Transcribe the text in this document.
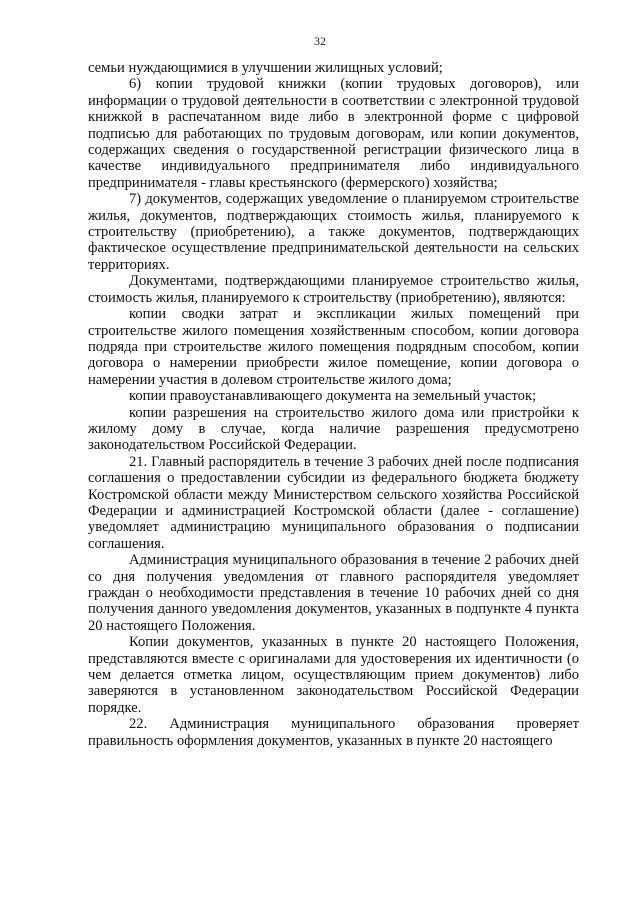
32

семьи нуждающимися в улучшении жилищных условий;

6) копии трудовой книжки (копии трудовых договоров), или информации о трудовой деятельности в соответствии с электронной трудовой книжкой в распечатанном виде либо в электронной форме с цифровой подписью для работающих по трудовым договорам, или копии документов, содержащих сведения о государственной регистрации физического лица в качестве индивидуального предпринимателя либо индивидуального предпринимателя - главы крестьянского (фермерского) хозяйства;

7) документов, содержащих уведомление о планируемом строительстве жилья, документов, подтверждающих стоимость жилья, планируемого к строительству (приобретению), а также документов, подтверждающих фактическое осуществление предпринимательской деятельности на сельских территориях.

Документами, подтверждающими планируемое строительство жилья, стоимость жилья, планируемого к строительству (приобретению), являются:

копии сводки затрат и экспликации жилых помещений при строительстве жилого помещения хозяйственным способом, копии договора подряда при строительстве жилого помещения подрядным способом, копии договора о намерении приобрести жилое помещение, копии договора о намерении участия в долевом строительстве жилого дома;

копии правоустанавливающего документа на земельный участок;

копии разрешения на строительство жилого дома или пристройки к жилому дому в случае, когда наличие разрешения предусмотрено законодательством Российской Федерации.

21. Главный распорядитель в течение 3 рабочих дней после подписания соглашения о предоставлении субсидии из федерального бюджета бюджету Костромской области между Министерством сельского хозяйства Российской Федерации и администрацией Костромской области (далее - соглашение) уведомляет администрацию муниципального образования о подписании соглашения.

Администрация муниципального образования в течение 2 рабочих дней со дня получения уведомления от главного распорядителя уведомляет граждан о необходимости представления в течение 10 рабочих дней со дня получения данного уведомления документов, указанных в подпункте 4 пункта 20 настоящего Положения.

Копии документов, указанных в пункте 20 настоящего Положения, представляются вместе с оригиналами для удостоверения их идентичности (о чем делается отметка лицом, осуществляющим прием документов) либо заверяются в установленном законодательством Российской Федерации порядке.

22. Администрация муниципального образования проверяет правильность оформления документов, указанных в пункте 20 настоящего
